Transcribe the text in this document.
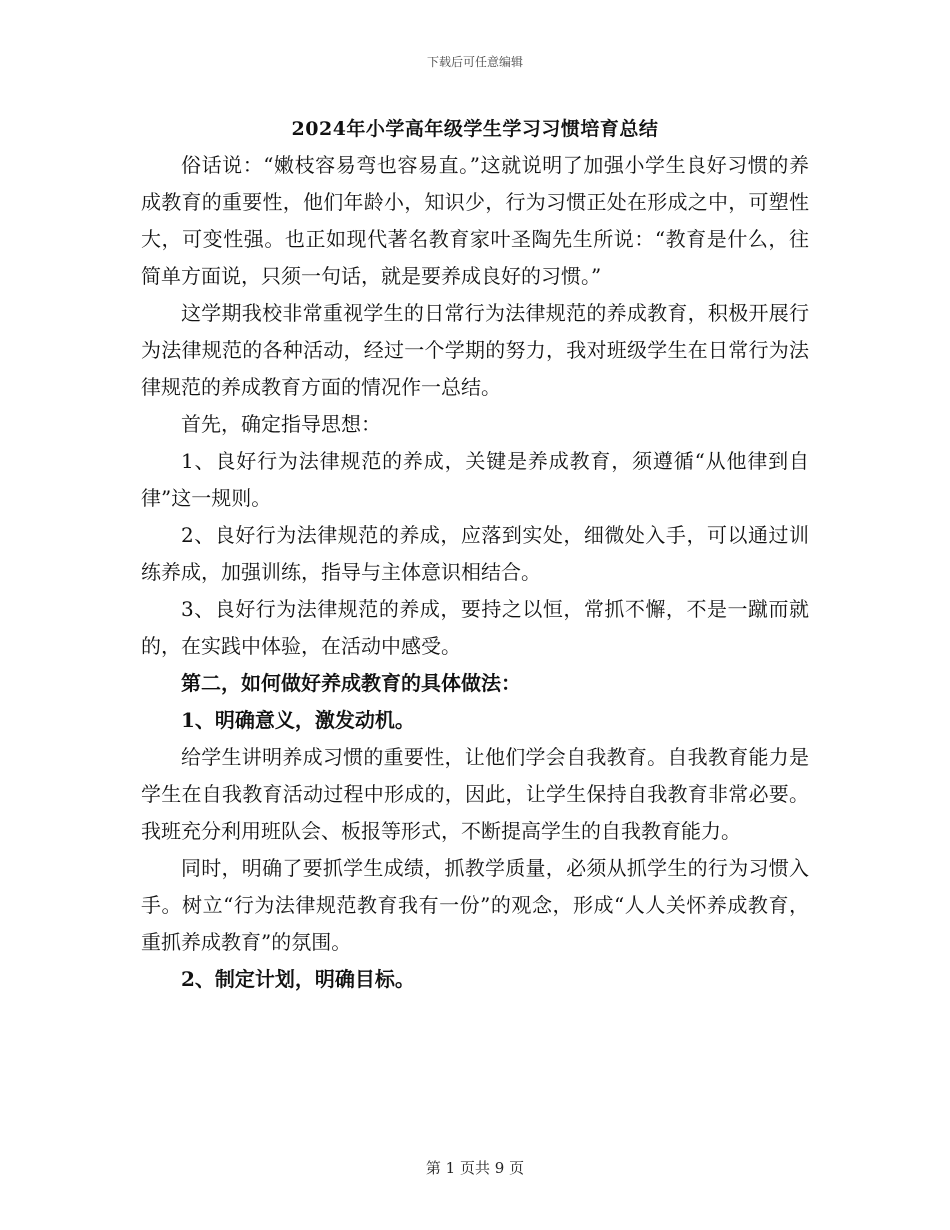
下载后可任意编辑
2024年小学高年级学生学习习惯培育总结

俗话说：“嫩枝容易弯也容易直。”这就说明了加强小学生良好习惯的养成教育的重要性，他们年龄小，知识少，行为习惯正处在形成之中，可塑性大，可变性强。也正如现代著名教育家叶圣陶先生所说：“教育是什么，往简单方面说，只须一句话，就是要养成良好的习惯。”

这学期我校非常重视学生的日常行为法律规范的养成教育，积极开展行为法律规范的各种活动，经过一个学期的努力，我对班级学生在日常行为法律规范的养成教育方面的情况作一总结。

首先，确定指导思想：

1、良好行为法律规范的养成，关键是养成教育，须遵循“从他律到自律”这一规则。

2、良好行为法律规范的养成，应落到实处，细微处入手，可以通过训练养成，加强训练，指导与主体意识相结合。

3、良好行为法律规范的养成，要持之以恒，常抓不懈，不是一蹴而就的，在实践中体验，在活动中感受。

第二，如何做好养成教育的具体做法：

1、明确意义，激发动机。

给学生讲明养成习惯的重要性，让他们学会自我教育。自我教育能力是学生在自我教育活动过程中形成的，因此，让学生保持自我教育非常必要。我班充分利用班队会、板报等形式，不断提高学生的自我教育能力。

同时，明确了要抓学生成绩，抓教学质量，必须从抓学生的行为习惯入手。树立“行为法律规范教育我有一份”的观念，形成“人人关怀养成教育，重抓养成教育”的氛围。

2、制定计划，明确目标。

第 1 页共 9 页
